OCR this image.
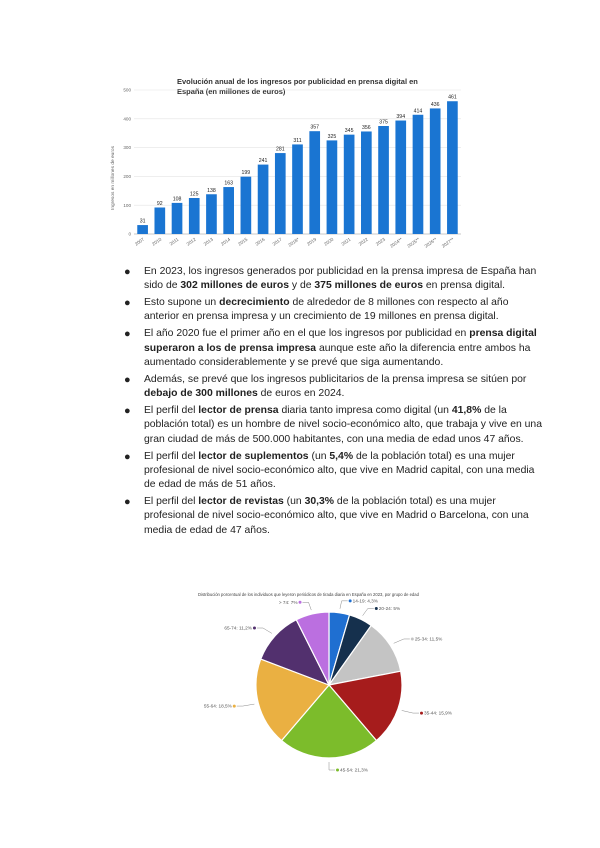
Evolución anual de los ingresos por publicidad en prensa digital en
España (en millones de euros)
Ingresos en millones de euros
500
400
300
200
100
0
31
2007
92
2010
108
2011
125
2012
138
2013
163
2014
199
2015
241
2016
281
2017
311
2018*
357
2019
325
2020
345
2021
356
2022
375
2023
394
2024**
414
2025**
436
2026**
461
2027**
● En 2023, los ingresos generados por publicidad en la prensa impresa de España han sido de 302 millones de euros y de 375 millones de euros en prensa digital.
● Esto supone un decrecimiento de alrededor de 8 millones con respecto al año anterior en prensa impresa y un crecimiento de 19 millones en prensa digital.
● El año 2020 fue el primer año en el que los ingresos por publicidad en prensa digital superaron a los de prensa impresa aunque este año la diferencia entre ambos ha aumentado considerablemente y se prevé que siga aumentando.
● Además, se prevé que los ingresos publicitarios de la prensa impresa se sitúen por debajo de 300 millones de euros en 2024.
● El perfil del lector de prensa diaria tanto impresa como digital (un 41,8% de la población total) es un hombre de nivel socio-económico alto, que trabaja y vive en una gran ciudad de más de 500.000 habitantes, con una media de edad unos 47 años.
● El perfil del lector de suplementos (un 5,4% de la población total) es una mujer profesional de nivel socio-económico alto, que vive en Madrid capital, con una media de edad de más de 51 años.
● El perfil del lector de revistas (un 30,3% de la población total) es una mujer profesional de nivel socio-económico alto, que vive en Madrid o Barcelona, con una media de edad de 47 años.
Distribución porcentual de los individuos que leyeron periódicos de tirada diaria en España en 2023, por grupo de edad
14-19: 4,3%
20-24: 5%
25-34: 11,5%
35-44: 15,9%
45-54: 21,3%
55-64: 18,5%
65-74: 11,2%
> 74: 7%
